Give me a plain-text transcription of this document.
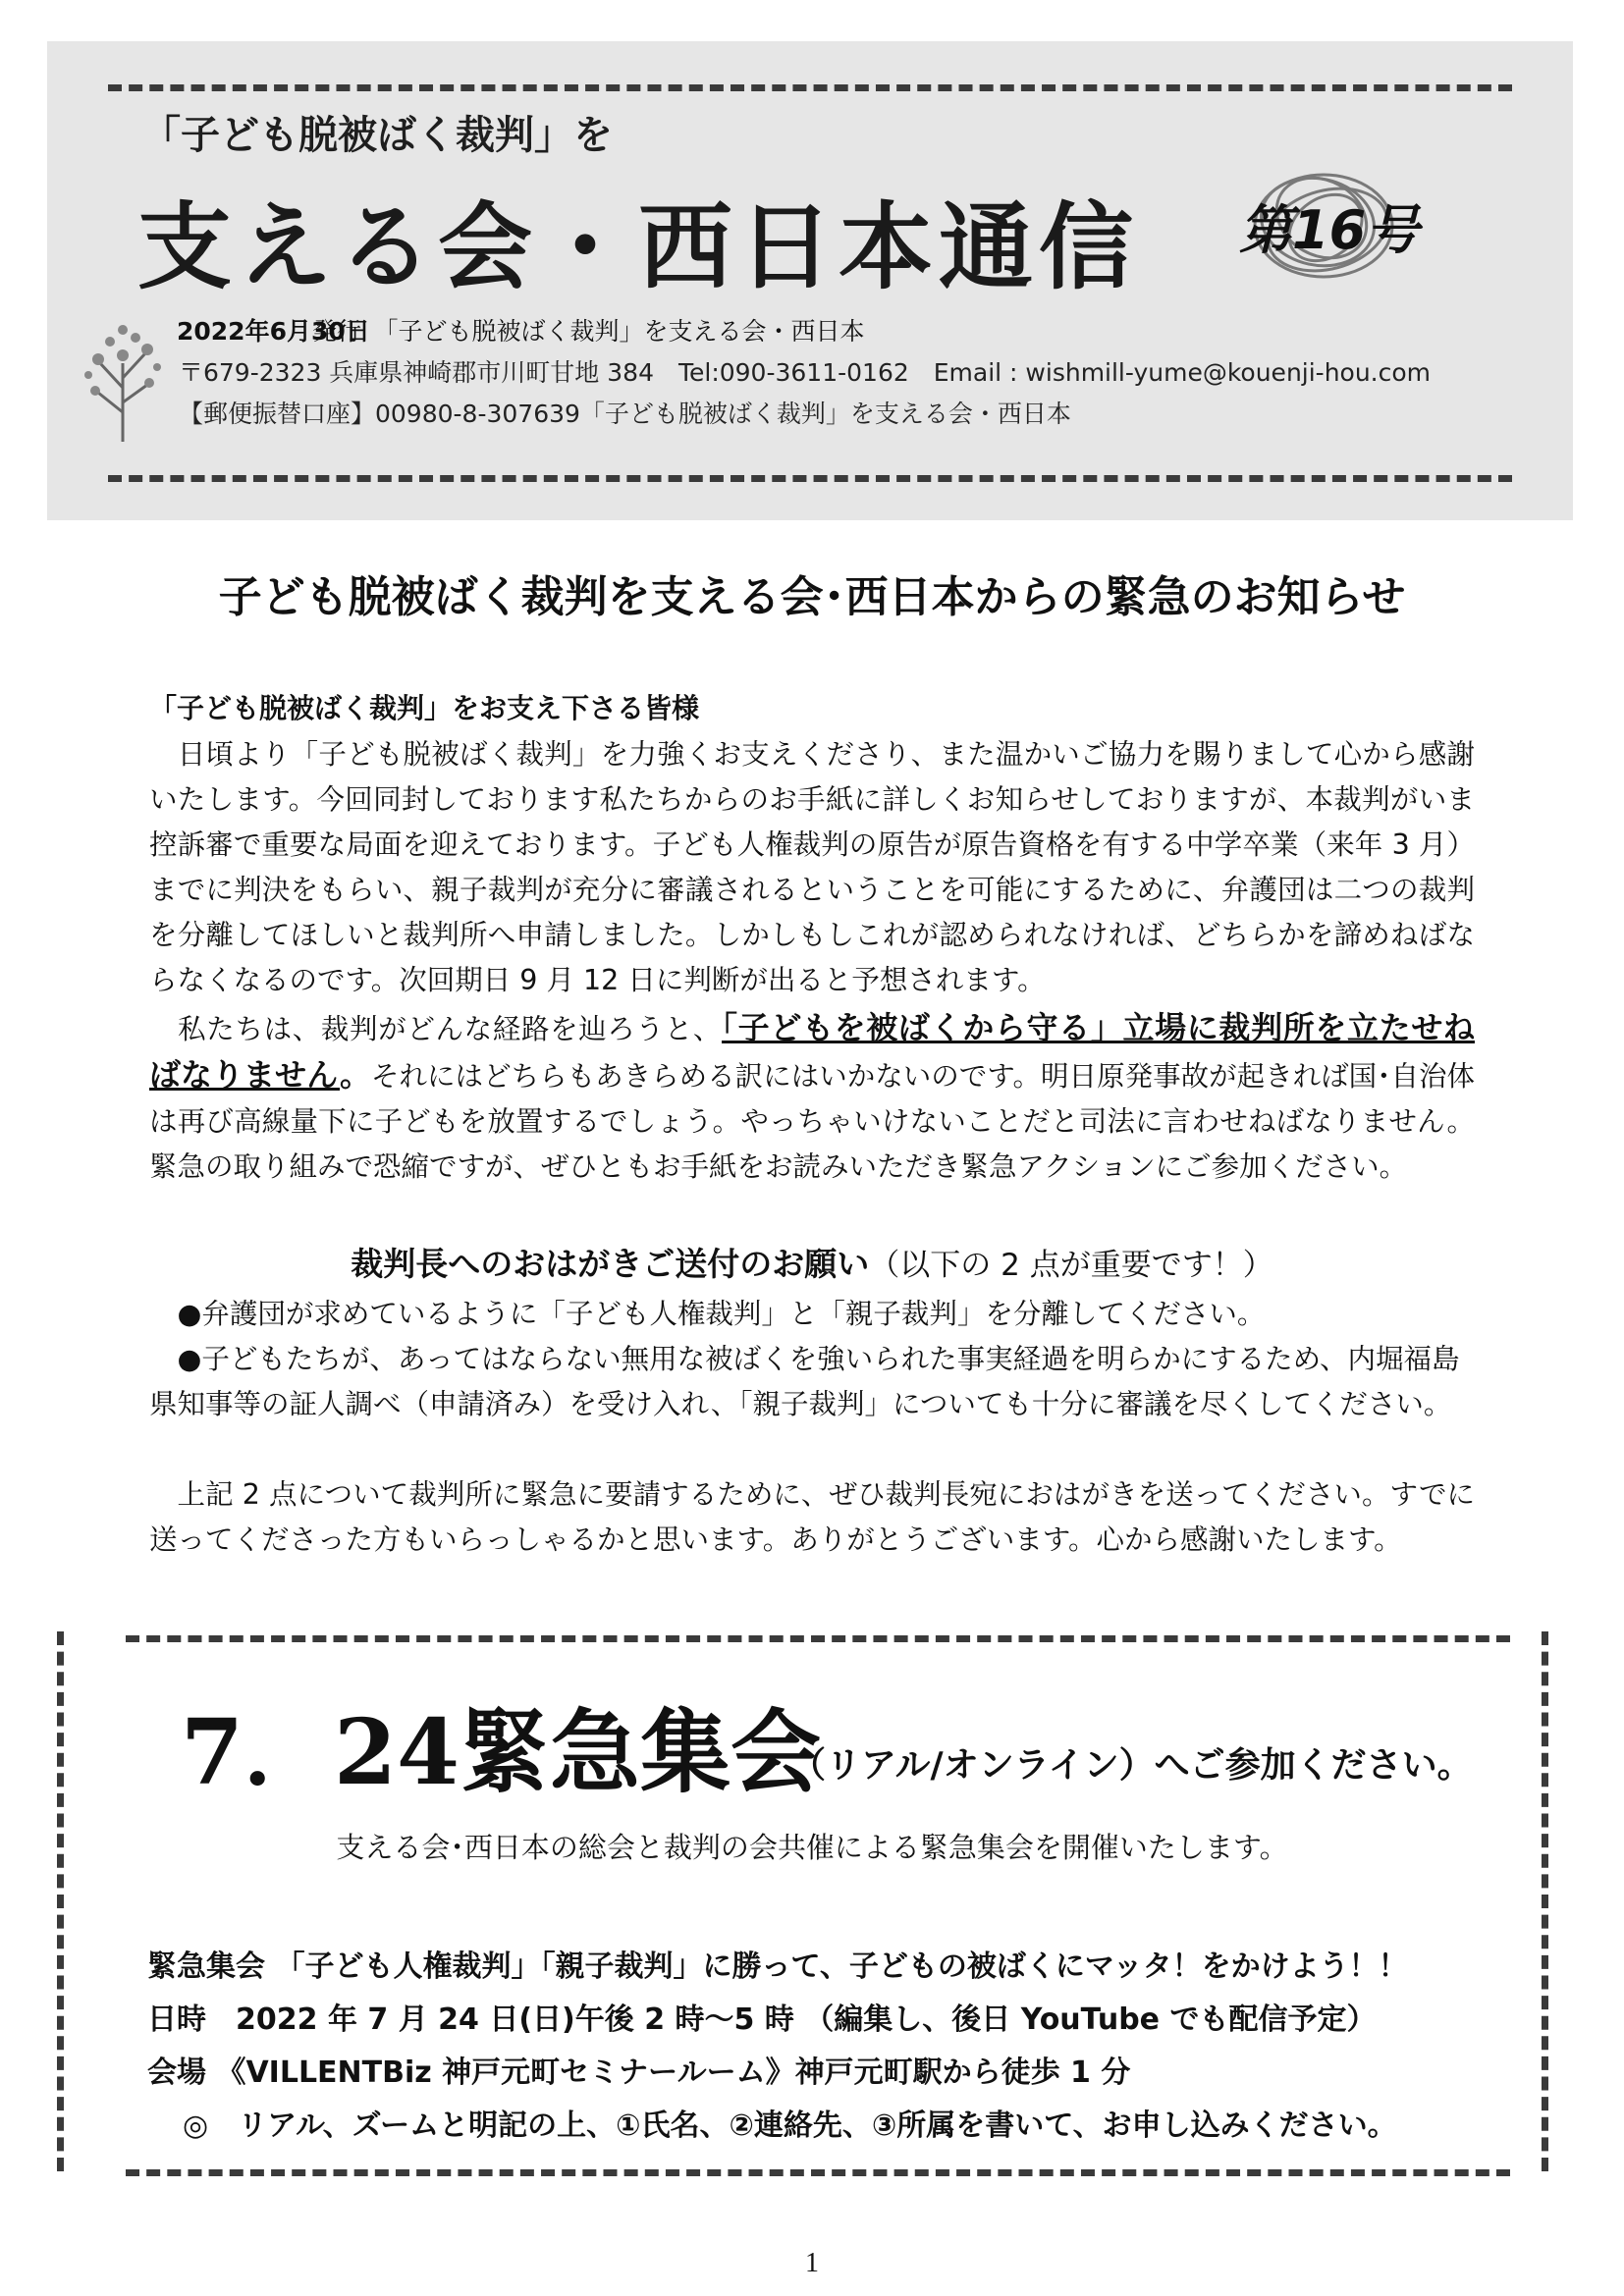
「子ども脱被ばく裁判」を
支える会・西日本通信 第16号
2022年6月30日
発行　「子ども脱被ばく裁判」を支える会・西日本
〒679-2323 兵庫県神崎郡市川町甘地 384　Tel:090-3611-0162　Email : wishmill-yume@kouenji-hou.com
【郵便振替口座】00980-8-307639「子ども脱被ばく裁判」を支える会・西日本
子ども脱被ばく裁判を支える会･西日本からの緊急のお知らせ
「子ども脱被ばく裁判」をお支え下さる皆様
　日頃より「子ども脱被ばく裁判」を力強くお支えくださり、また温かいご協力を賜りまして心から感謝いたします。今回同封しております私たちからのお手紙に詳しくお知らせしておりますが、本裁判がいま控訴審で重要な局面を迎えております。子ども人権裁判の原告が原告資格を有する中学卒業（来年 3 月）までに判決をもらい、親子裁判が充分に審議されるということを可能にするために、弁護団は二つの裁判を分離してほしいと裁判所へ申請しました。しかしもしこれが認められなければ、どちらかを諦めねばならなくなるのです。次回期日 9 月 12 日に判断が出ると予想されます。
　私たちは、裁判がどんな経路を辿ろうと、「子どもを被ばくから守る」立場に裁判所を立たせねばなりません。それにはどちらもあきらめる訳にはいかないのです。明日原発事故が起きれば国･自治体は再び高線量下に子どもを放置するでしょう。やっちゃいけないことだと司法に言わせねばなりません。緊急の取り組みで恐縮ですが、ぜひともお手紙をお読みいただき緊急アクションにご参加ください。
裁判長へのおはがきご送付のお願い（以下の 2 点が重要です！）
　●弁護団が求めているように「子ども人権裁判」と「親子裁判」を分離してください。
　●子どもたちが、あってはならない無用な被ばくを強いられた事実経過を明らかにするため、内堀福島県知事等の証人調べ（申請済み）を受け入れ、「親子裁判」についても十分に審議を尽くしてください。
　上記 2 点について裁判所に緊急に要請するために、ぜひ裁判長宛におはがきを送ってください。すでに送ってくださった方もいらっしゃるかと思います。ありがとうございます。心から感謝いたします。
7．24緊急集会
（リアル/オンライン）へご参加ください。
支える会･西日本の総会と裁判の会共催による緊急集会を開催いたします。
緊急集会 「子ども人権裁判」「親子裁判」に勝って、子どもの被ばくにマッタ！をかけよう！！
日時　2022 年 7 月 24 日(日)午後 2 時～5 時 （編集し、後日 YouTube でも配信予定）
会場 《VILLENTBiz 神戸元町セミナールーム》神戸元町駅から徒歩 1 分
◎　リアル、ズームと明記の上、①氏名、②連絡先、③所属を書いて、お申し込みください。
1
